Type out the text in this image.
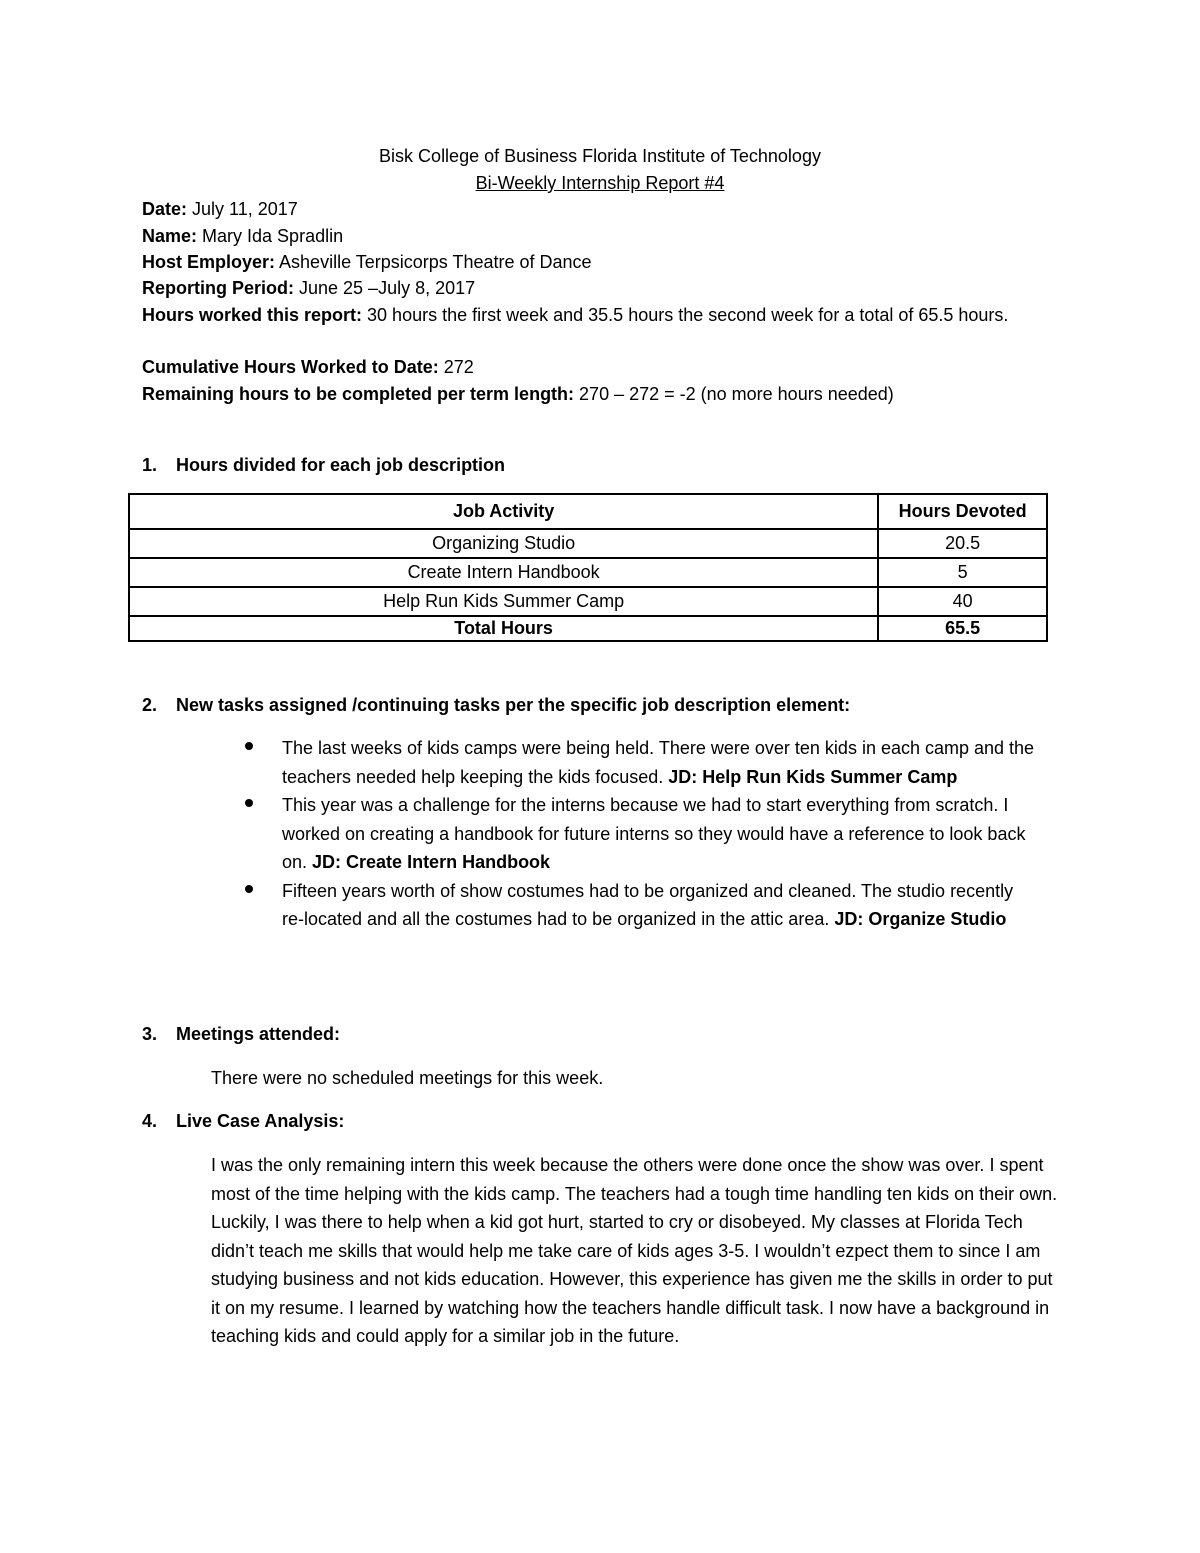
Bisk College of Business Florida Institute of Technology
Bi-Weekly Internship Report #4
Date: July 11, 2017
Name: Mary Ida Spradlin
Host Employer: Asheville Terpsicorps Theatre of Dance
Reporting Period: June 25 –July 8, 2017
Hours worked this report: 30 hours the first week and 35.5 hours the second week for a total of 65.5 hours.
Cumulative Hours Worked to Date: 272
Remaining hours to be completed per term length: 270 – 272 = -2 (no more hours needed)
1. Hours divided for each job description
Job Activity	Hours Devoted
Organizing Studio	20.5
Create Intern Handbook	5
Help Run Kids Summer Camp	40
Total Hours	65.5
2. New tasks assigned /continuing tasks per the specific job description element:
The last weeks of kids camps were being held. There were over ten kids in each camp and the teachers needed help keeping the kids focused. JD: Help Run Kids Summer Camp
This year was a challenge for the interns because we had to start everything from scratch. I worked on creating a handbook for future interns so they would have a reference to look back on. JD: Create Intern Handbook
Fifteen years worth of show costumes had to be organized and cleaned. The studio recently re-located and all the costumes had to be organized in the attic area. JD: Organize Studio
3. Meetings attended:
There were no scheduled meetings for this week.
4. Live Case Analysis:
I was the only remaining intern this week because the others were done once the show was over. I spent most of the time helping with the kids camp. The teachers had a tough time handling ten kids on their own. Luckily, I was there to help when a kid got hurt, started to cry or disobeyed. My classes at Florida Tech didn’t teach me skills that would help me take care of kids ages 3-5. I wouldn’t ezpect them to since I am studying business and not kids education. However, this experience has given me the skills in order to put it on my resume. I learned by watching how the teachers handle difficult task. I now have a background in teaching kids and could apply for a similar job in the future.
